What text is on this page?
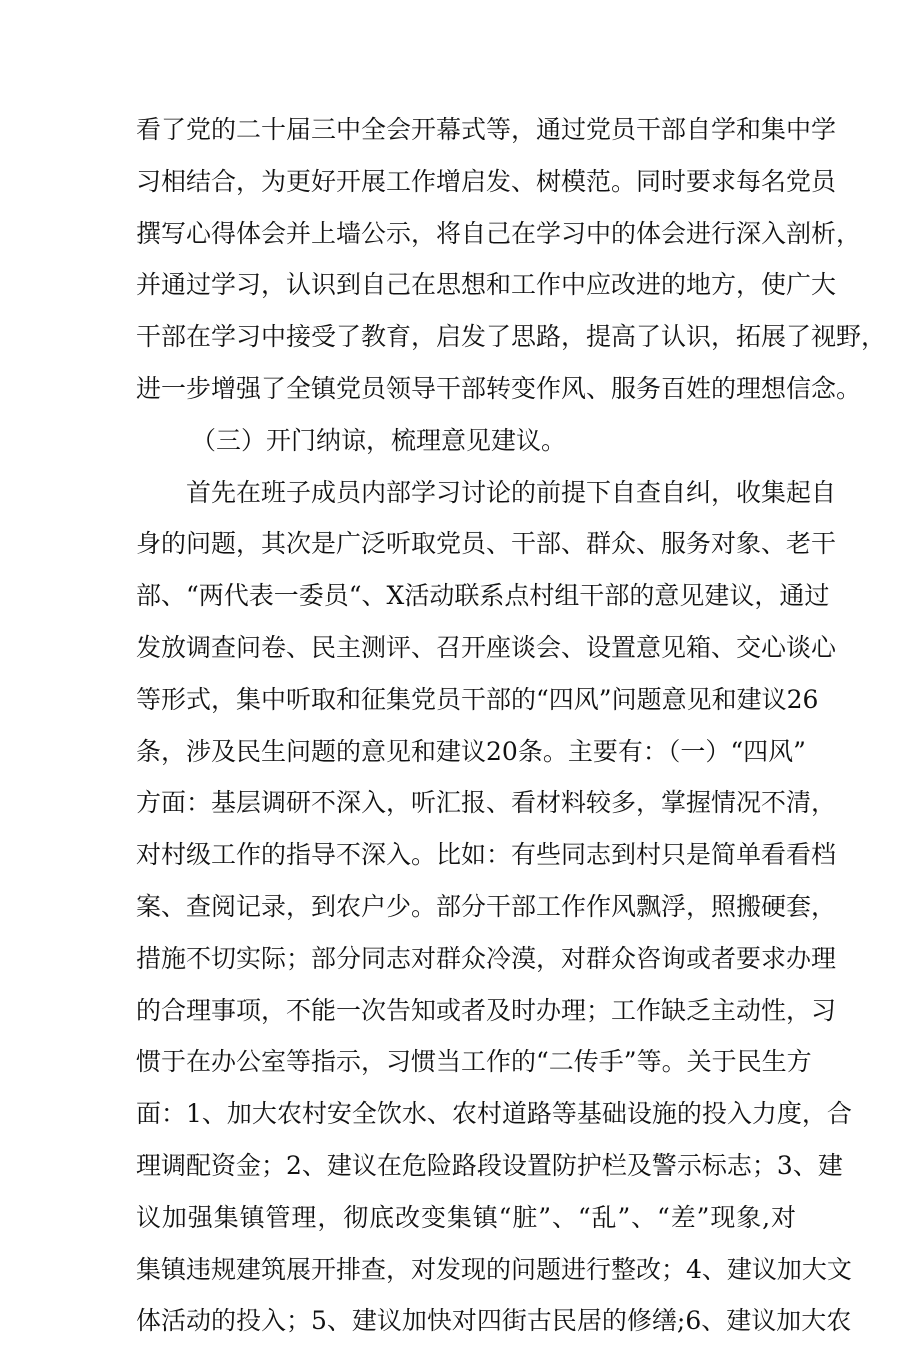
看了党的二十届三中全会开幕式等，通过党员干部自学和集中学
习相结合，为更好开展工作增启发、树模范。同时要求每名党员
撰写心得体会并上墙公示，将自己在学习中的体会进行深入剖析，
并通过学习，认识到自己在思想和工作中应改进的地方，使广大
干部在学习中接受了教育，启发了思路，提高了认识，拓展了视野，
进一步增强了全镇党员领导干部转变作风、服务百姓的理想信念。
（三）开门纳谅，梳理意见建议。
首先在班子成员内部学习讨论的前提下自查自纠，收集起自
身的问题，其次是广泛听取党员、干部、群众、服务对象、老干
部、“两代表一委员“、X活动联系点村组干部的意见建议，通过
发放调查问卷、民主测评、召开座谈会、设置意见箱、交心谈心
等形式，集中听取和征集党员干部的“四风”问题意见和建议26
条，涉及民生问题的意见和建议20条。主要有：（一）“四风”
方面：基层调研不深入，听汇报、看材料较多，掌握情况不清，
对村级工作的指导不深入。比如：有些同志到村只是简单看看档
案、查阅记录，到农户少。部分干部工作作风飘浮，照搬硬套，
措施不切实际；部分同志对群众冷漠，对群众咨询或者要求办理
的合理事项，不能一次告知或者及时办理；工作缺乏主动性，习
惯于在办公室等指示，习惯当工作的“二传手”等。关于民生方
面：1、加大农村安全饮水、农村道路等基础设施的投入力度，合
理调配资金；2、建议在危险路段设置防护栏及警示标志；3、建
议加强集镇管理，彻底改变集镇“脏”、“乱”、“差”现象,对
集镇违规建筑展开排查，对发现的问题进行整改；4、建议加大文
体活动的投入；5、建议加快对四街古民居的修缮;6、建议加大农
